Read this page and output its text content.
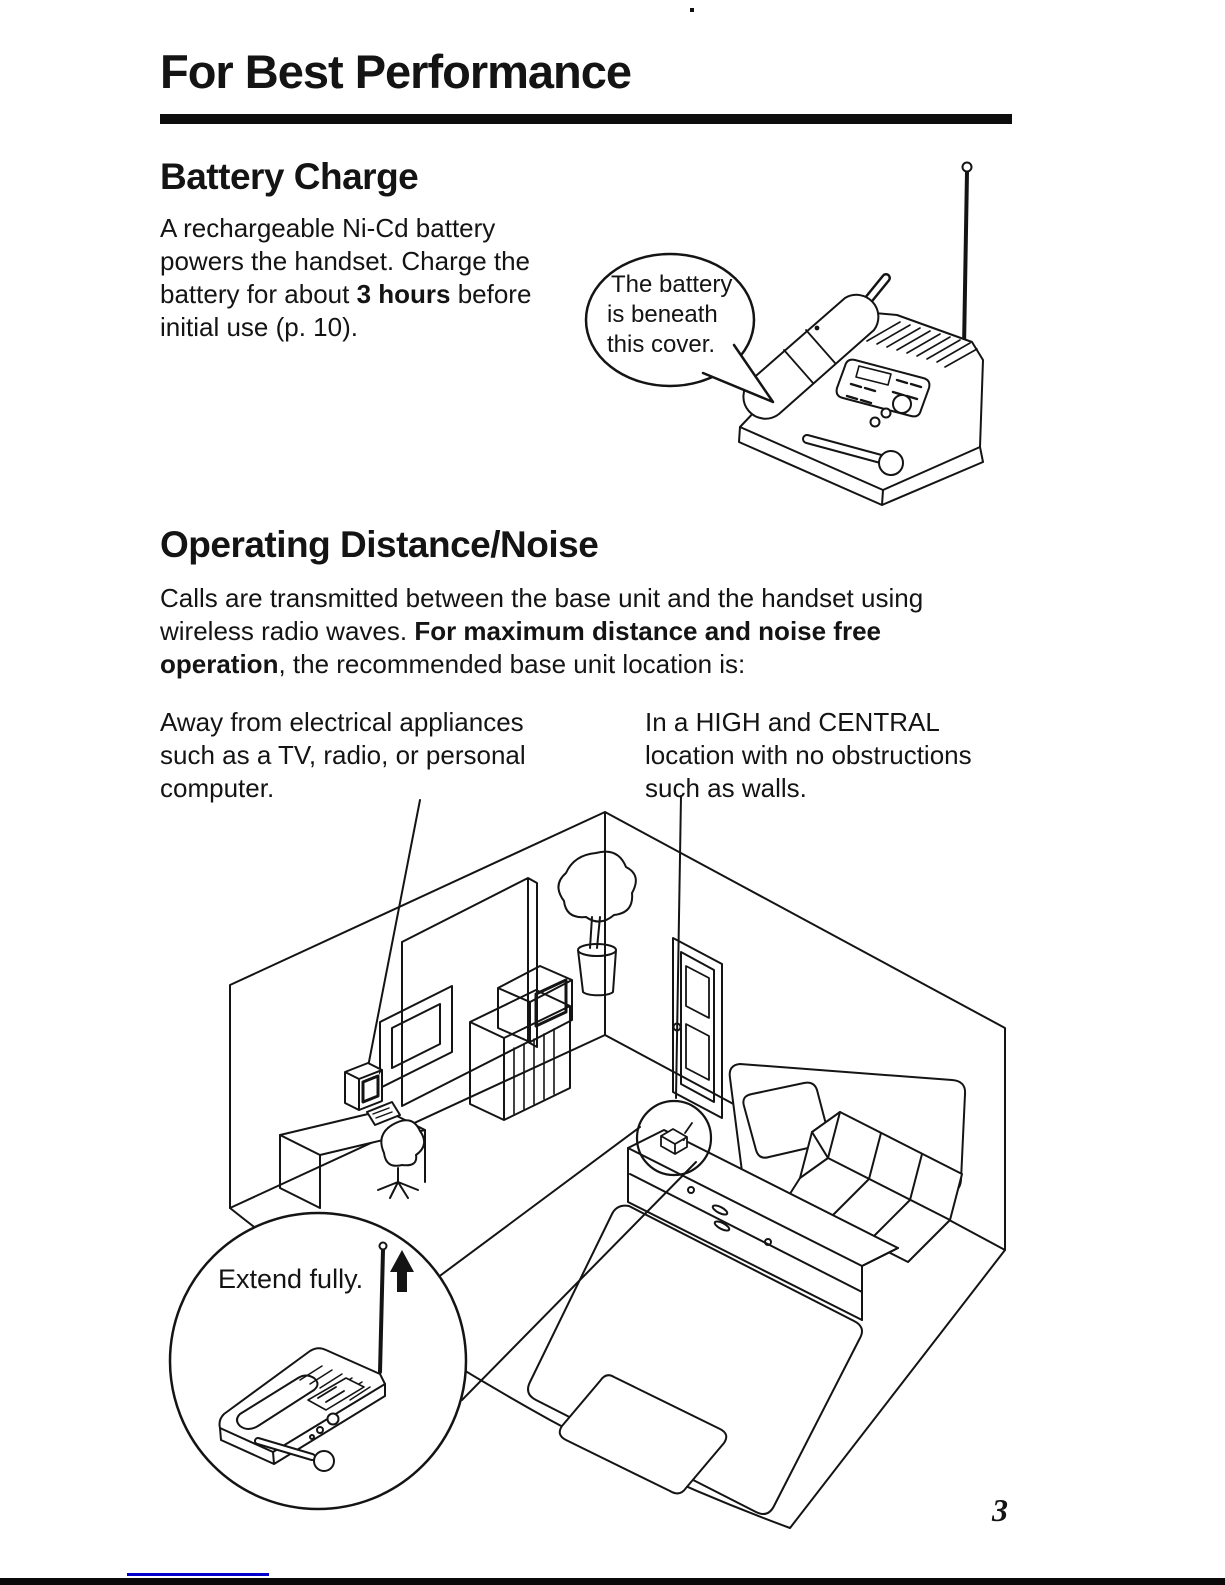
For Best Performance
Battery Charge
A rechargeable Ni-Cd battery powers the handset. Charge the battery for about 3 hours before initial use (p. 10).
The battery
is beneath
this cover.
Operating Distance/Noise
Calls are transmitted between the base unit and the handset using wireless radio waves. For maximum distance and noise free operation, the recommended base unit location is:
Away from electrical appliances such as a TV, radio, or personal computer.
In a HIGH and CENTRAL location with no obstructions such as walls.
Extend fully.
3
